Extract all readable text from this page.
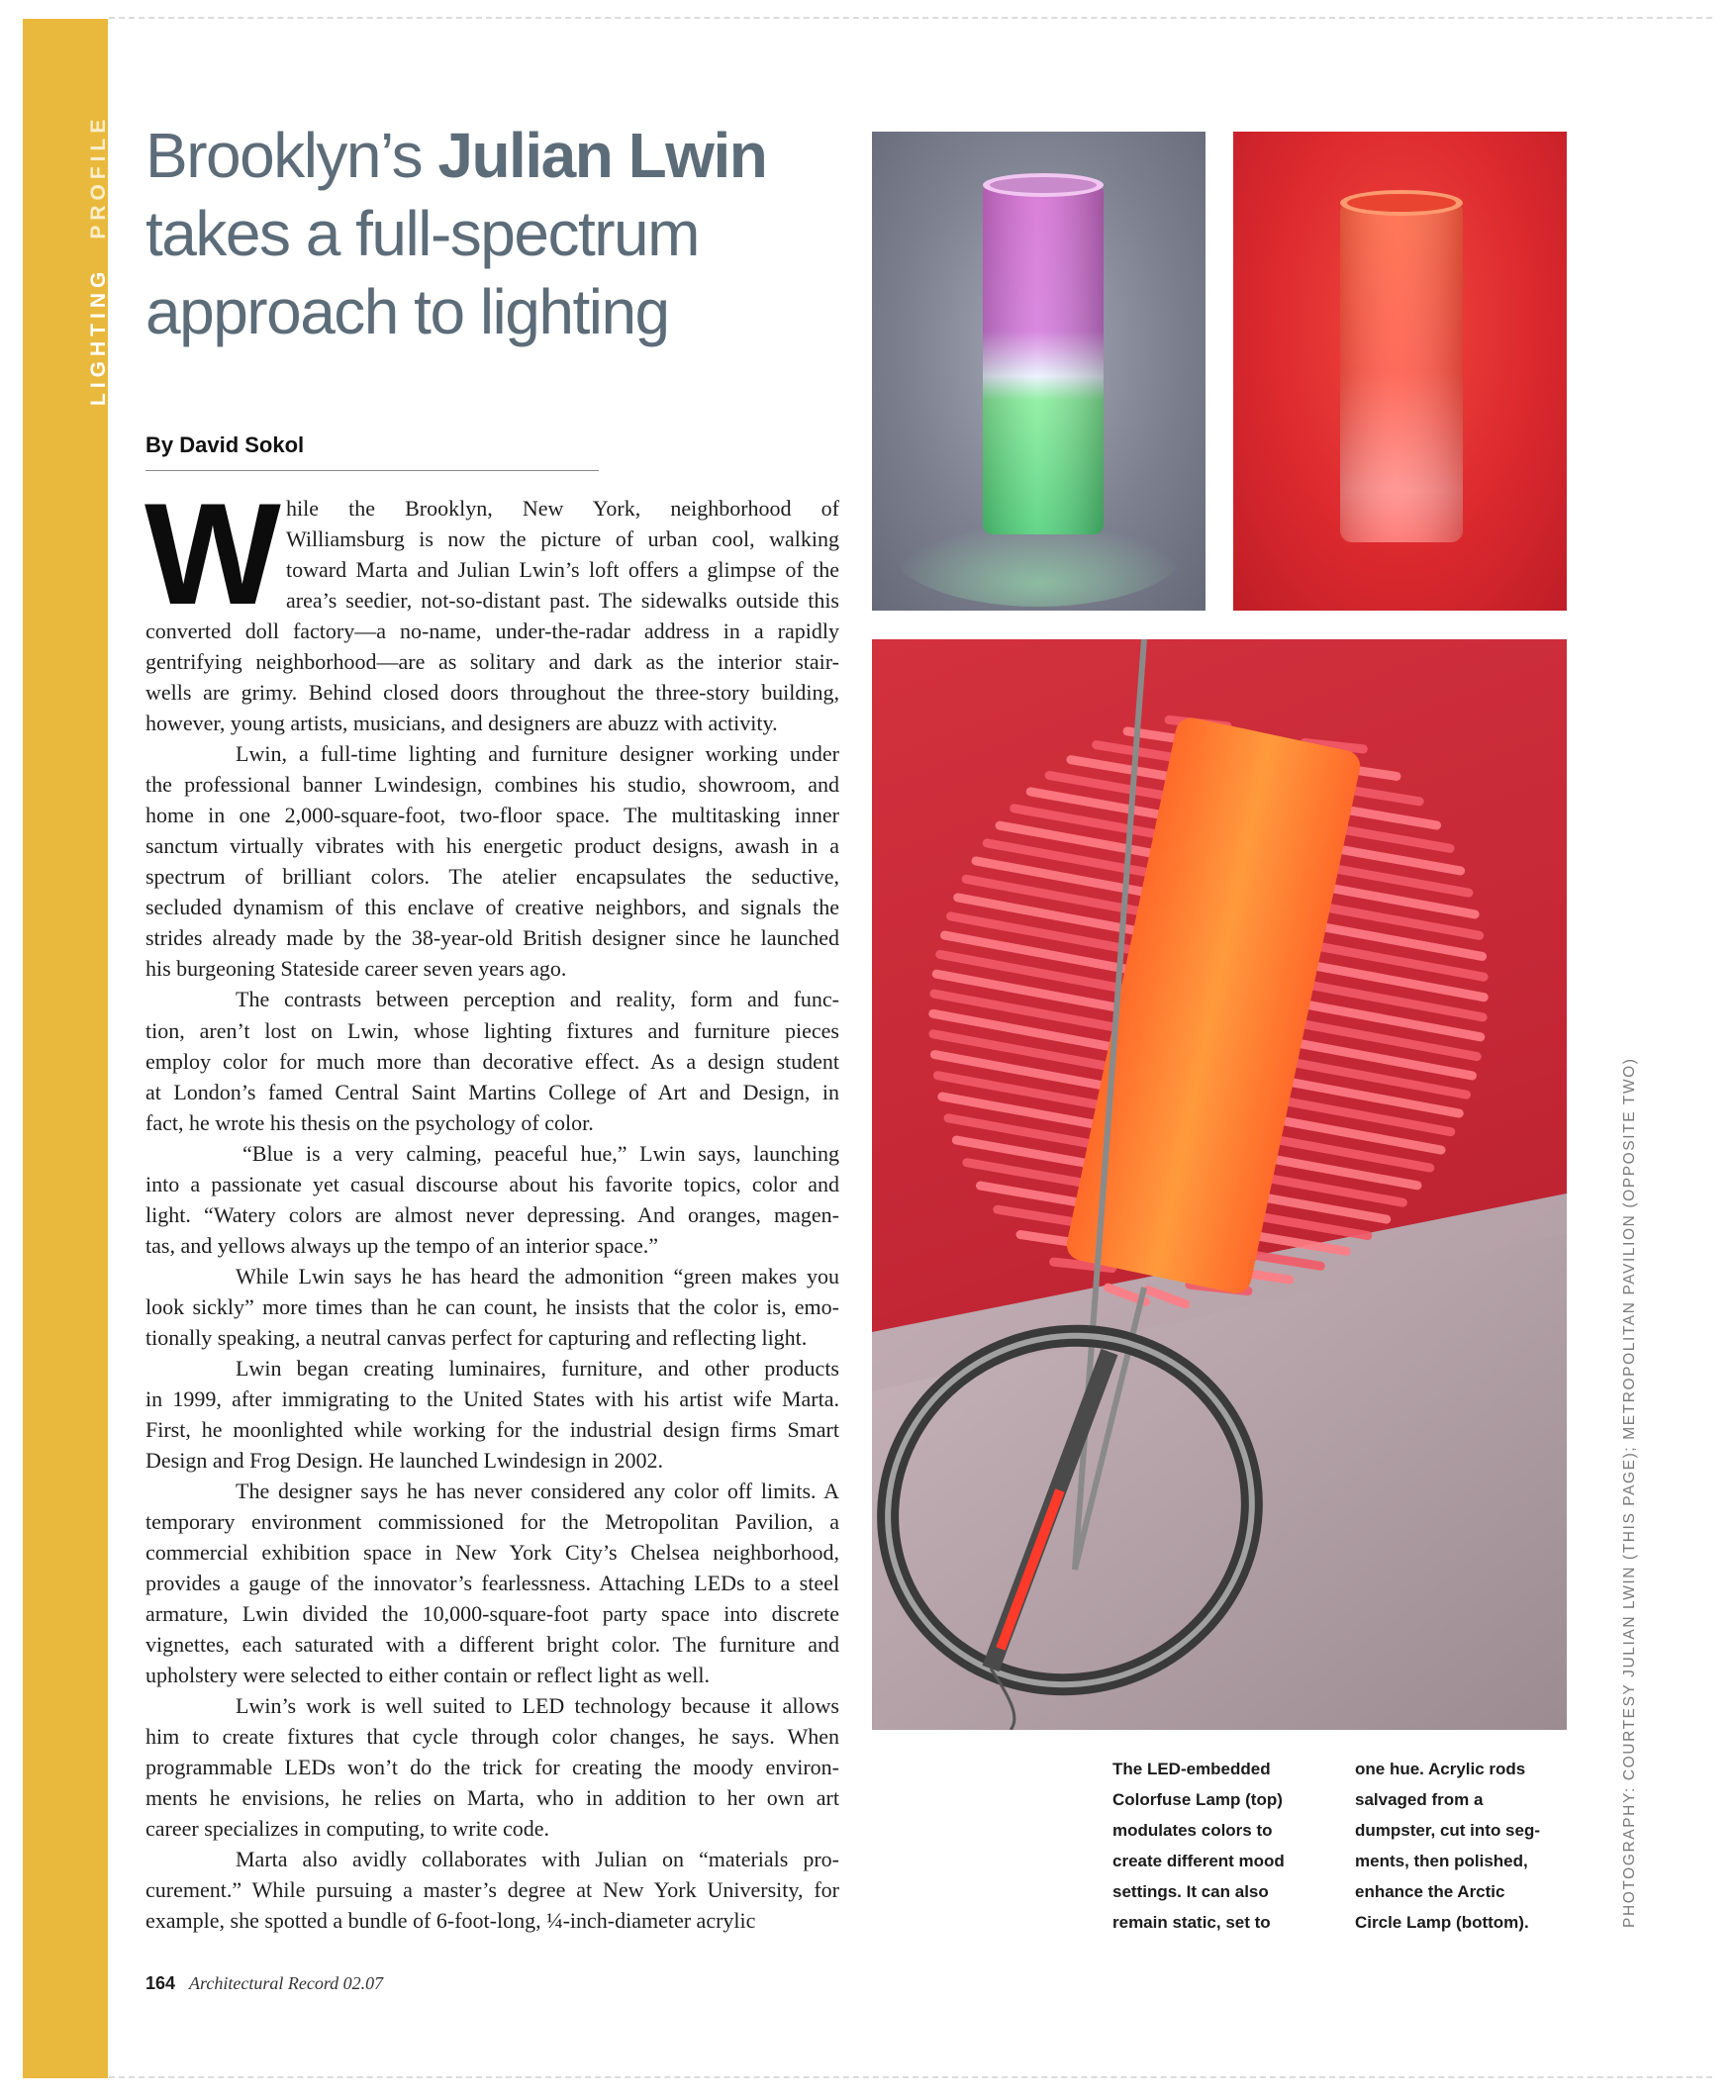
LIGHTINGPROFILE Brooklyn’s Julian Lwin
takes a full-spectrum
approach to lighting
By David Sokol
W hile the Brooklyn, New York, neighborhood of
Williamsburg is now the picture of urban cool, walking
toward Marta and Julian Lwin’s loft offers a glimpse of the
area’s seedier, not-so-distant past. The sidewalks outside this
converted doll factory—a no-name, under-the-radar address in a rapidly
gentrifying neighborhood—are as solitary and dark as the interior stair-
wells are grimy. Behind closed doors throughout the three-story building,
however, young artists, musicians, and designers are abuzz with activity.
Lwin, a full-time lighting and furniture designer working under
the professional banner Lwindesign, combines his studio, showroom, and
home in one 2,000-square-foot, two-floor space. The multitasking inner
sanctum virtually vibrates with his energetic product designs, awash in a
spectrum of brilliant colors. The atelier encapsulates the seductive,
secluded dynamism of this enclave of creative neighbors, and signals the
strides already made by the 38-year-old British designer since he launched
his burgeoning Stateside career seven years ago.
The contrasts between perception and reality, form and func-
tion, aren’t lost on Lwin, whose lighting fixtures and furniture pieces
employ color for much more than decorative effect. As a design student
at London’s famed Central Saint Martins College of Art and Design, in
fact, he wrote his thesis on the psychology of color.
“Blue is a very calming, peaceful hue,” Lwin says, launching
into a passionate yet casual discourse about his favorite topics, color and
light. “Watery colors are almost never depressing. And oranges, magen-
tas, and yellows always up the tempo of an interior space.”
While Lwin says he has heard the admonition “green makes you
look sickly” more times than he can count, he insists that the color is, emo-
tionally speaking, a neutral canvas perfect for capturing and reflecting light.
Lwin began creating luminaires, furniture, and other products
in 1999, after immigrating to the United States with his artist wife Marta.
First, he moonlighted while working for the industrial design firms Smart
Design and Frog Design. He launched Lwindesign in 2002.
The designer says he has never considered any color off limits. A
temporary environment commissioned for the Metropolitan Pavilion, a
commercial exhibition space in New York City’s Chelsea neighborhood,
provides a gauge of the innovator’s fearlessness. Attaching LEDs to a steel
armature, Lwin divided the 10,000-square-foot party space into discrete
vignettes, each saturated with a different bright color. The furniture and
upholstery were selected to either contain or reflect light as well.
Lwin’s work is well suited to LED technology because it allows
him to create fixtures that cycle through color changes, he says. When
programmable LEDs won’t do the trick for creating the moody environ-
ments he envisions, he relies on Marta, who in addition to her own art
career specializes in computing, to write code.
Marta also avidly collaborates with Julian on “materials pro-
curement.” While pursuing a master’s degree at New York University, for
example, she spotted a bundle of 6-foot-long, ¼-inch-diameter acrylic
164 Architectural Record 02.07
The LED-embedded
Colorfuse Lamp (top)
modulates colors to
create different mood
settings. It can also
remain static, set to
one hue. Acrylic rods
salvaged from a
dumpster, cut into seg-
ments, then polished,
enhance the Arctic
Circle Lamp (bottom).	PHOTOGRAPHY: COURTESY JULIAN LWIN (THIS PAGE); METROPOLITAN PAVILION (OPPOSITE TWO)
